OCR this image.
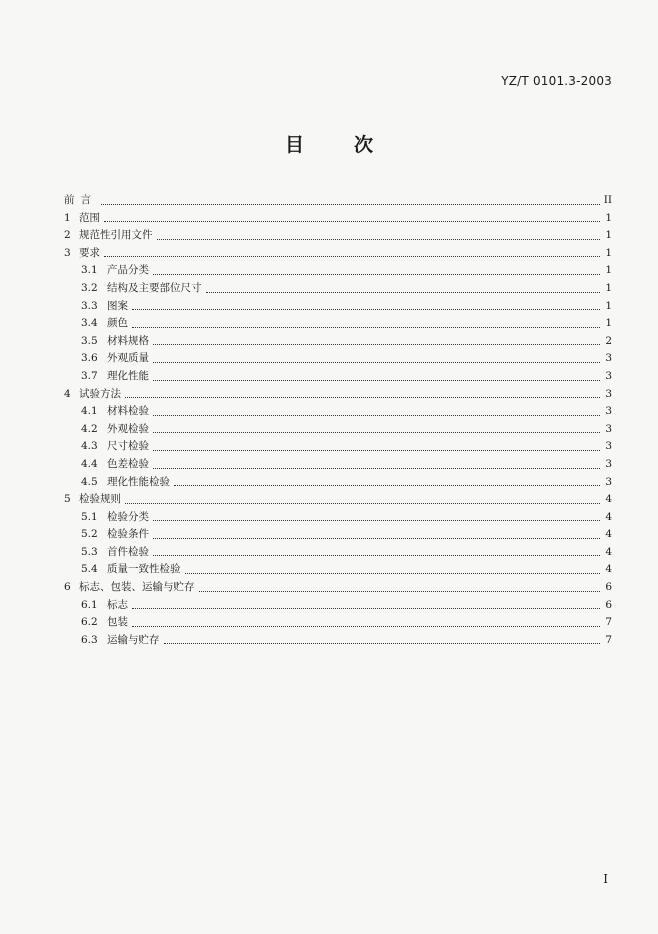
YZ/T 0101.3-2003
目次
前言	II
1 范围	1
2 规范性引用文件	1
3 要求	1
3.1 产品分类	1
3.2 结构及主要部位尺寸	1
3.3 图案	1
3.4 颜色	1
3.5 材料规格	2
3.6 外观质量	3
3.7 理化性能	3
4 试验方法	3
4.1 材料检验	3
4.2 外观检验	3
4.3 尺寸检验	3
4.4 色差检验	3
4.5 理化性能检验	3
5 检验规则	4
5.1 检验分类	4
5.2 检验条件	4
5.3 首件检验	4
5.4 质量一致性检验	4
6 标志、包装、运输与贮存	6
6.1 标志	6
6.2 包装	7
6.3 运输与贮存	7
I
